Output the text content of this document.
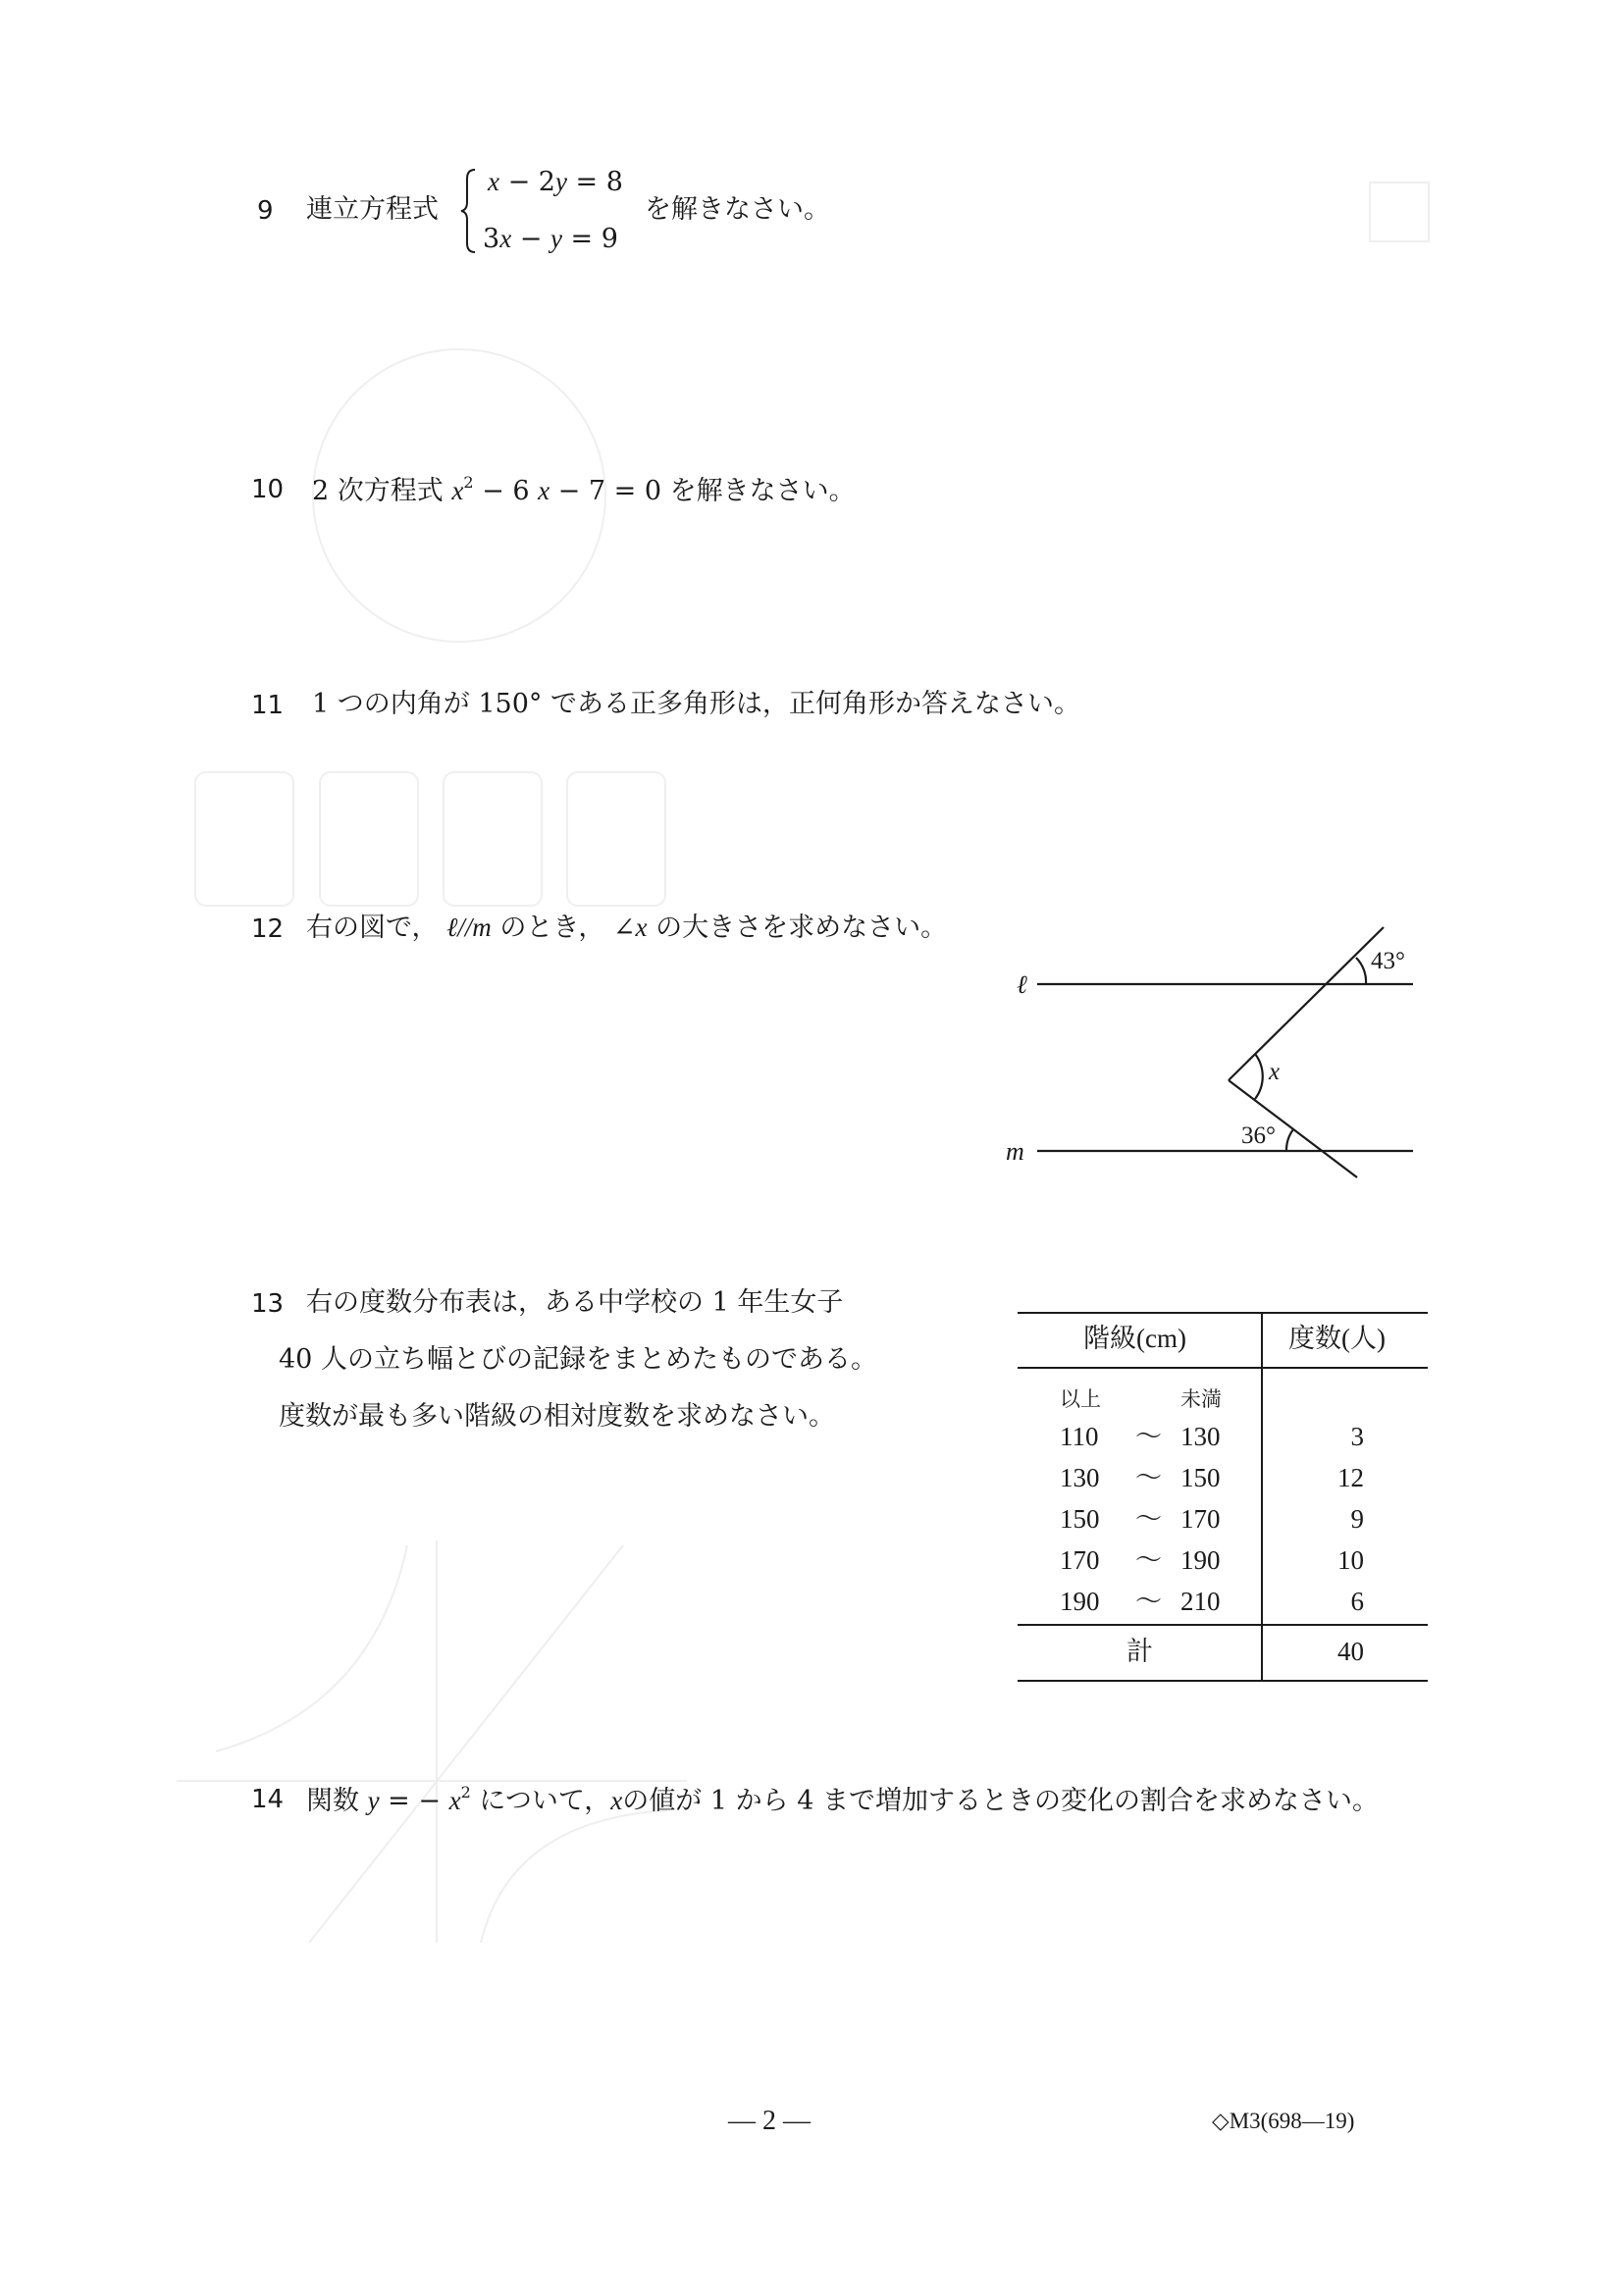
9 連立方程式
x − 2y = 8
3x − y = 9
を解きなさい。
10 2 次方程式 $x^2 - 6$ x − 7 = 0 を解きなさい。
11 1 つの内角が 150° である正多角形は，正何角形か答えなさい。
12 右の図で， ℓ//m のとき， ∠x の大きさを求めなさい。
ℓ
m
43°
x
36°
13 右の度数分布表は，ある中学校の 1 年生女子
40 人の立ち幅とびの記録をまとめたものである。
度数が最も多い階級の相対度数を求めなさい。
階級(cm)	度数(人)
以上	未満
110 ～ 130	3
130 ～ 150	12
150 ～ 170	9
170 ～ 190	10
190 ～ 210	6
計	40
14 関数 y = − $x^2$ について，xの値が 1 から 4 まで増加するときの変化の割合を求めなさい。
— 2 —	◇M3(698—19)
